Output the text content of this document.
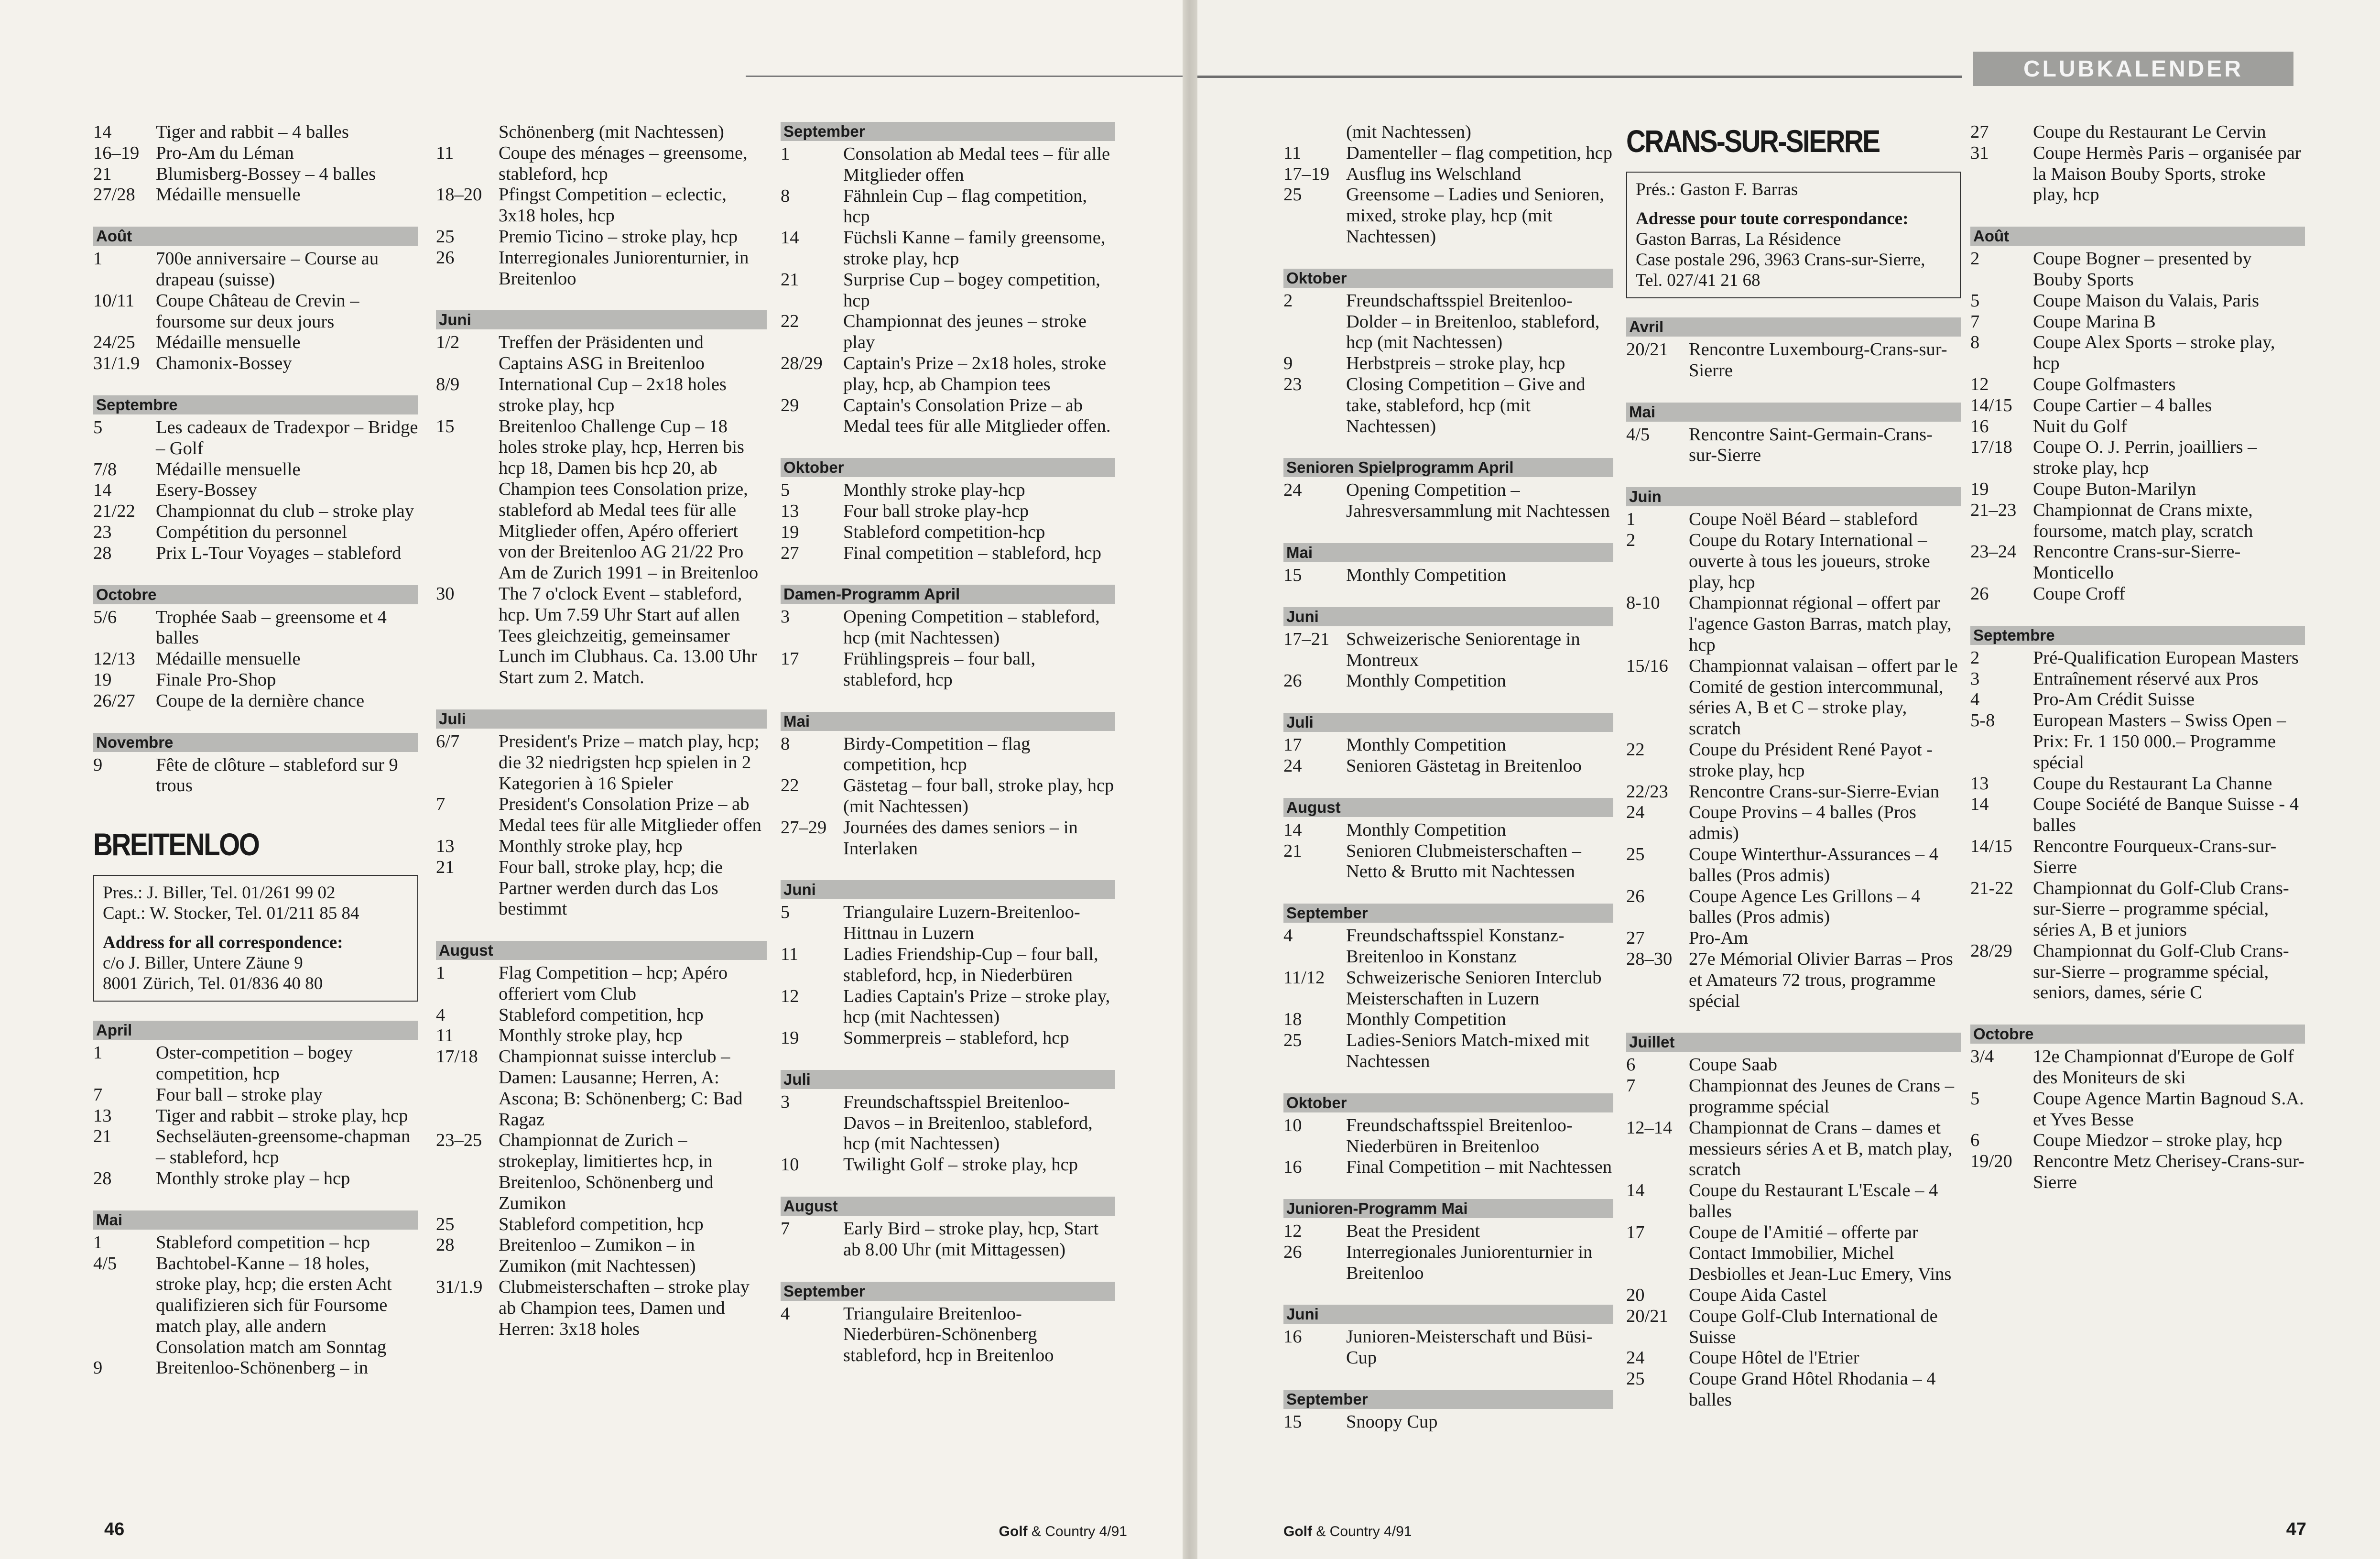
14	Tiger and rabbit – 4 balles
16–19 Pro-Am du Léman
21	Blumisberg-Bossey – 4 balles
27/28	Médaille mensuelle
Août
1	700e anniversaire – Course au drapeau (suisse)
10/11	Coupe Château de Crevin – foursome sur deux jours
24/25	Médaille mensuelle
31/1.9 Chamonix-Bossey
Septembre
5	Les cadeaux de Tradexpor – Bridge – Golf
7/8	Médaille mensuelle
14	Esery-Bossey
21/22	Championnat du club – stroke play
23	Compétition du personnel
28	Prix L-Tour Voyages – stableford
Octobre
5/6	Trophée Saab – greensome et 4 balles
12/13	Médaille mensuelle
19	Finale Pro-Shop
26/27	Coupe de la dernière chance
Novembre
9	Fête de clôture – stableford sur 9 trous
BREITENLOO
Pres.: J. Biller, Tel. 01/261 99 02
Capt.: W. Stocker, Tel. 01/211 85 84
Address for all correspondence:
c/o J. Biller, Untere Zäune 9
8001 Zürich, Tel. 01/836 40 80
April
1	Oster-competition – bogey competition, hcp
7	Four ball – stroke play
13	Tiger and rabbit – stroke play, hcp
21	Sechseläuten-greensome-chapman – stableford, hcp
28	Monthly stroke play – hcp
Mai
1	Stableford competition – hcp
4/5	Bachtobel-Kanne – 18 holes, stroke play, hcp; die ersten Acht qualifizieren sich für Foursome match play, alle andern Consolation match am Sonntag
9	Breitenloo-Schönenberg – in
Schönenberg (mit Nachtessen)
11	Coupe des ménages – greensome, stableford, hcp
18–20 Pfingst Competition – eclectic, 3x18 holes, hcp
25	Premio Ticino – stroke play, hcp
26	Interregionales Juniorenturnier, in Breitenloo
Juni
1/2	Treffen der Präsidenten und Captains ASG in Breitenloo
8/9	International Cup – 2x18 holes stroke play, hcp
15	Breitenloo Challenge Cup – 18 holes stroke play, hcp, Herren bis hcp 18, Damen bis hcp 20, ab Champion tees Consolation prize, stableford ab Medal tees für alle Mitglieder offen, Apéro offeriert von der Breitenloo AG 21/22 Pro Am de Zurich 1991 – in Breitenloo
30	The 7 o'clock Event – stableford, hcp. Um 7.59 Uhr Start auf allen Tees gleichzeitig, gemeinsamer Lunch im Clubhaus. Ca. 13.00 Uhr Start zum 2. Match.
Juli
6/7	President's Prize – match play, hcp; die 32 niedrigsten hcp spielen in 2 Kategorien à 16 Spieler
7	President's Consolation Prize – ab Medal tees für alle Mitglieder offen
13	Monthly stroke play, hcp
21	Four ball, stroke play, hcp; die Partner werden durch das Los bestimmt
August
1	Flag Competition – hcp; Apéro offeriert vom Club
4	Stableford competition, hcp
11	Monthly stroke play, hcp
17/18	Championnat suisse interclub – Damen: Lausanne; Herren, A: Ascona; B: Schönenberg; C: Bad Ragaz
23–25 Championnat de Zurich – strokeplay, limitiertes hcp, in Breitenloo, Schönenberg und Zumikon
25	Stableford competition, hcp
28	Breitenloo – Zumikon – in Zumikon (mit Nachtessen)
31/1.9 Clubmeisterschaften – stroke play ab Champion tees, Damen und Herren: 3x18 holes
September
1	Consolation ab Medal tees – für alle Mitglieder offen
8	Fähnlein Cup – flag competition, hcp
14	Füchsli Kanne – family greensome, stroke play, hcp
21	Surprise Cup – bogey competition, hcp
22	Championnat des jeunes – stroke play
28/29	Captain's Prize – 2x18 holes, stroke play, hcp, ab Champion tees
29	Captain's Consolation Prize – ab Medal tees für alle Mitglieder offen.
Oktober
5	Monthly stroke play-hcp
13	Four ball stroke play-hcp
19	Stableford competition-hcp
27	Final competition – stableford, hcp
Damen-Programm April
3	Opening Competition – stableford, hcp (mit Nachtessen)
17	Frühlingspreis – four ball, stableford, hcp
Mai
8	Birdy-Competition – flag competition, hcp
22	Gästetag – four ball, stroke play, hcp (mit Nachtessen)
27–29 Journées des dames seniors – in Interlaken
Juni
5	Triangulaire Luzern-Breitenloo-Hittnau in Luzern
11	Ladies Friendship-Cup – four ball, stableford, hcp, in Niederbüren
12	Ladies Captain's Prize – stroke play, hcp (mit Nachtessen)
19	Sommerpreis – stableford, hcp
Juli
3	Freundschaftsspiel Breitenloo-Davos – in Breitenloo, stableford, hcp (mit Nachtessen)
10	Twilight Golf – stroke play, hcp
August
7	Early Bird – stroke play, hcp, Start ab 8.00 Uhr (mit Mittagessen)
September
4	Triangulaire Breitenloo-Niederbüren-Schönenberg stableford, hcp in Breitenloo
46	Golf & Country 4/91
CLUBKALENDER
(mit Nachtessen)
11	Damenteller – flag competition, hcp
17–19 Ausflug ins Welschland
25	Greensome – Ladies und Senioren, mixed, stroke play, hcp (mit Nachtessen)
Oktober
2	Freundschaftsspiel Breitenloo-Dolder – in Breitenloo, stableford, hcp (mit Nachtessen)
9	Herbstpreis – stroke play, hcp
23	Closing Competition – Give and take, stableford, hcp (mit Nachtessen)
Senioren Spielprogramm April
24	Opening Competition – Jahresversammlung mit Nachtessen
Mai
15	Monthly Competition
Juni
17–21 Schweizerische Seniorentage in Montreux
26	Monthly Competition
Juli
17	Monthly Competition
24	Senioren Gästetag in Breitenloo
August
14	Monthly Competition
21	Senioren Clubmeisterschaften – Netto & Brutto mit Nachtessen
September
4	Freundschaftsspiel Konstanz-Breitenloo in Konstanz
11/12	Schweizerische Senioren Interclub Meisterschaften in Luzern
18	Monthly Competition
25	Ladies-Seniors Match-mixed mit Nachtessen
Oktober
10	Freundschaftsspiel Breitenloo-Niederbüren in Breitenloo
16	Final Competition – mit Nachtessen
Junioren-Programm Mai
12	Beat the President
26	Interregionales Juniorenturnier in Breitenloo
Juni
16	Junioren-Meisterschaft und Büsi-Cup
September
15	Snoopy Cup
CRANS-SUR-SIERRE
Prés.: Gaston F. Barras
Adresse pour toute correspondance:
Gaston Barras, La Résidence
Case postale 296, 3963 Crans-sur-Sierre, Tel. 027/41 21 68
Avril
20/21	Rencontre Luxembourg-Crans-sur-Sierre
Mai
4/5	Rencontre Saint-Germain-Crans-sur-Sierre
Juin
1	Coupe Noël Béard – stableford
2	Coupe du Rotary International – ouverte à tous les joueurs, stroke play, hcp
8-10	Championnat régional – offert par l'agence Gaston Barras, match play, hcp
15/16	Championnat valaisan – offert par le Comité de gestion intercommunal, séries A, B et C – stroke play, scratch
22	Coupe du Président René Payot - stroke play, hcp
22/23	Rencontre Crans-sur-Sierre-Evian
24	Coupe Provins – 4 balles (Pros admis)
25	Coupe Winterthur-Assurances – 4 balles (Pros admis)
26	Coupe Agence Les Grillons – 4 balles (Pros admis)
27	Pro-Am
28–30 27e Mémorial Olivier Barras – Pros et Amateurs 72 trous, programme spécial
Juillet
6	Coupe Saab
7	Championnat des Jeunes de Crans – programme spécial
12–14 Championnat de Crans – dames et messieurs séries A et B, match play, scratch
14	Coupe du Restaurant L'Escale – 4 balles
17	Coupe de l'Amitié – offerte par Contact Immobilier, Michel Desbiolles et Jean-Luc Emery, Vins
20	Coupe Aida Castel
20/21	Coupe Golf-Club International de Suisse
24	Coupe Hôtel de l'Etrier
25	Coupe Grand Hôtel Rhodania – 4 balles
27	Coupe du Restaurant Le Cervin
31	Coupe Hermès Paris – organisée par la Maison Bouby Sports, stroke play, hcp
Août
2	Coupe Bogner – presented by Bouby Sports
5	Coupe Maison du Valais, Paris
7	Coupe Marina B
8	Coupe Alex Sports – stroke play, hcp
12	Coupe Golfmasters
14/15	Coupe Cartier – 4 balles
16	Nuit du Golf
17/18	Coupe O. J. Perrin, joailliers – stroke play, hcp
19	Coupe Buton-Marilyn
21–23 Championnat de Crans mixte, foursome, match play, scratch
23–24 Rencontre Crans-sur-Sierre-Monticello
26	Coupe Croff
Septembre
2	Pré-Qualification European Masters
3	Entraînement réservé aux Pros
4	Pro-Am Crédit Suisse
5-8	European Masters – Swiss Open – Prix: Fr. 1 150 000.– Programme spécial
13	Coupe du Restaurant La Channe
14	Coupe Société de Banque Suisse - 4 balles
14/15	Rencontre Fourqueux-Crans-sur-Sierre
21-22	Championnat du Golf-Club Crans-sur-Sierre – programme spécial, séries A, B et juniors
28/29	Championnat du Golf-Club Crans-sur-Sierre – programme spécial, seniors, dames, série C
Octobre
3/4	12e Championnat d'Europe de Golf des Moniteurs de ski
5	Coupe Agence Martin Bagnoud S.A. et Yves Besse
6	Coupe Miedzor – stroke play, hcp
19/20	Rencontre Metz Cherisey-Crans-sur-Sierre
Golf & Country 4/91	47
